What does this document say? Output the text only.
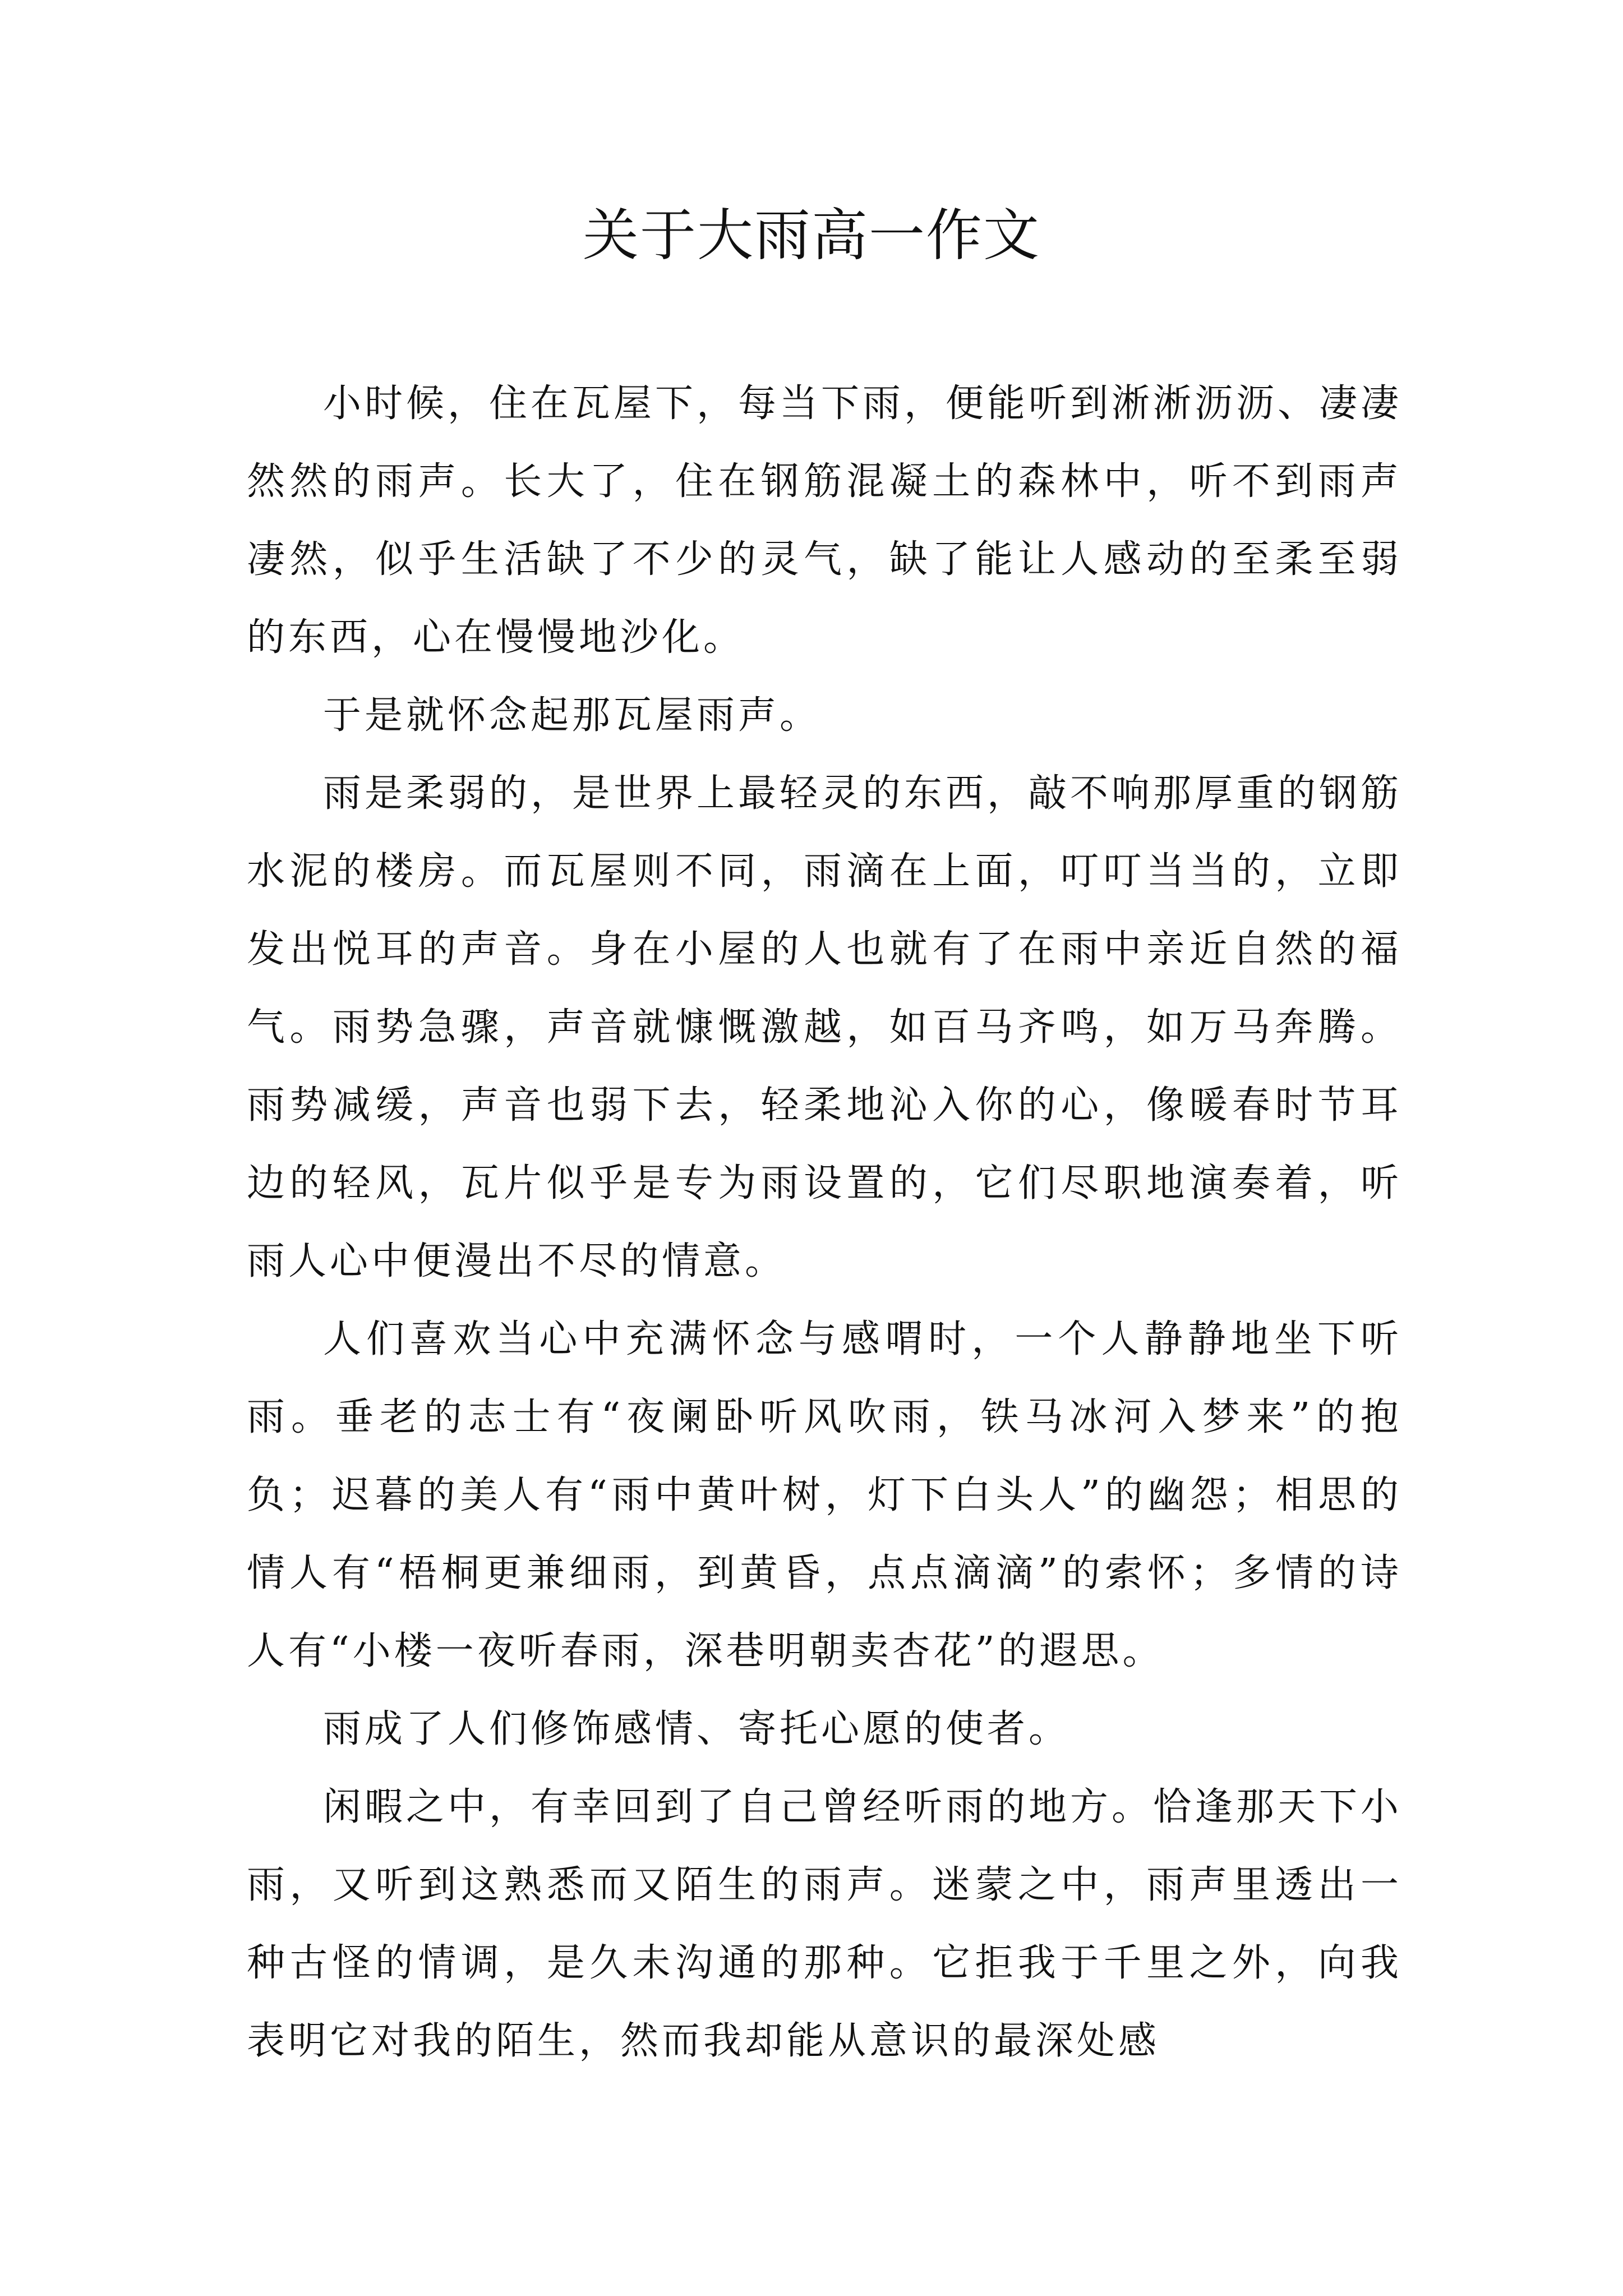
关于大雨高一作文

小时候，住在瓦屋下，每当下雨，便能听到淅淅沥沥、凄凄然然的雨声。长大了，住在钢筋混凝土的森林中，听不到雨声凄然，似乎生活缺了不少的灵气，缺了能让人感动的至柔至弱的东西，心在慢慢地沙化。

于是就怀念起那瓦屋雨声。

雨是柔弱的，是世界上最轻灵的东西，敲不响那厚重的钢筋水泥的楼房。而瓦屋则不同，雨滴在上面，叮叮当当的，立即发出悦耳的声音。身在小屋的人也就有了在雨中亲近自然的福气。雨势急骤，声音就慷慨激越，如百马齐鸣，如万马奔腾。雨势减缓，声音也弱下去，轻柔地沁入你的心，像暖春时节耳边的轻风，瓦片似乎是专为雨设置的，它们尽职地演奏着，听雨人心中便漫出不尽的情意。

人们喜欢当心中充满怀念与感喟时，一个人静静地坐下听雨。垂老的志士有“夜阑卧听风吹雨，铁马冰河入梦来”的抱负；迟暮的美人有“雨中黄叶树，灯下白头人”的幽怨；相思的情人有“梧桐更兼细雨，到黄昏，点点滴滴”的索怀；多情的诗人有“小楼一夜听春雨，深巷明朝卖杏花”的遐思。

雨成了人们修饰感情、寄托心愿的使者。

闲暇之中，有幸回到了自己曾经听雨的地方。恰逢那天下小雨，又听到这熟悉而又陌生的雨声。迷蒙之中，雨声里透出一种古怪的情调，是久未沟通的那种。它拒我于千里之外，向我表明它对我的陌生，然而我却能从意识的最深处感
